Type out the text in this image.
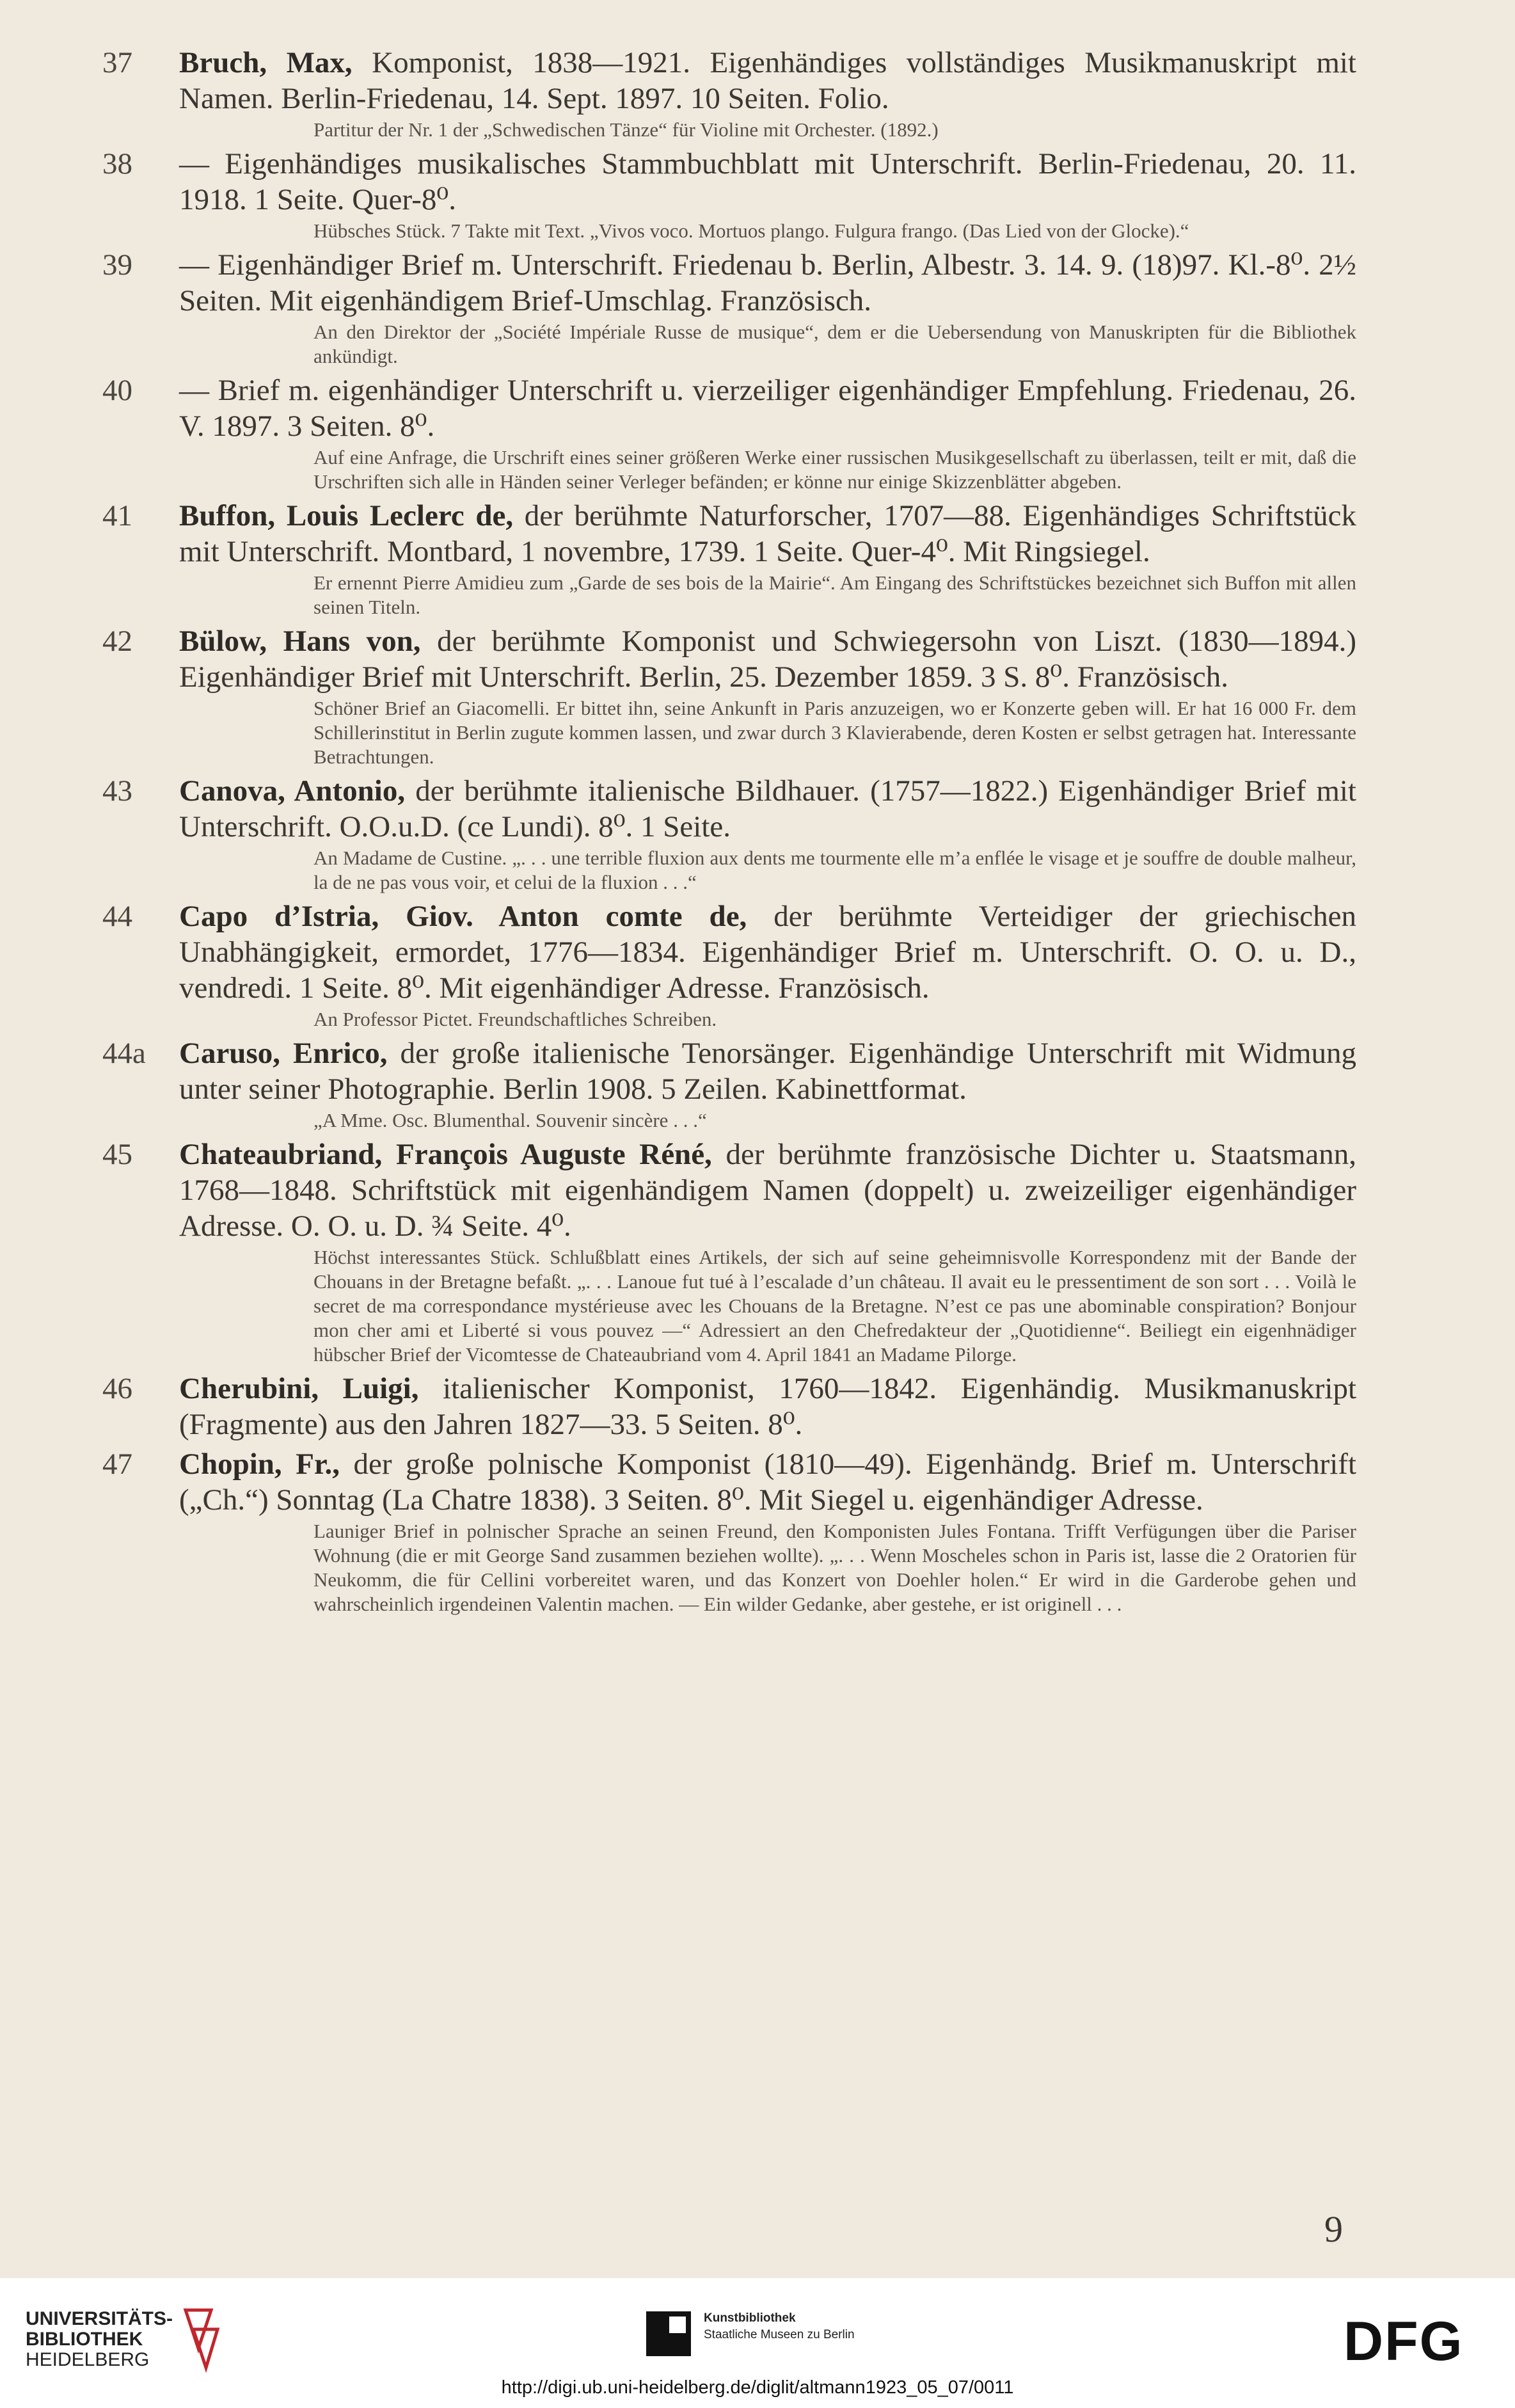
37	Bruch, Max, Komponist, 1838—1921. Eigenhändiges vollständiges Musikmanuskript mit Namen. Berlin-Friedenau, 14. Sept. 1897. 10 Seiten. Folio.
Partitur der Nr. 1 der „Schwedischen Tänze“ für Violine mit Orchester. (1892.)
38	— Eigenhändiges musikalisches Stammbuchblatt mit Unterschrift. Berlin-Friedenau, 20. 11. 1918. 1 Seite. Quer-8⁰.
Hübsches Stück. 7 Takte mit Text. „Vivos voco. Mortuos plango. Fulgura frango. (Das Lied von der Glocke).“
39	— Eigenhändiger Brief m. Unterschrift. Friedenau b. Berlin, Albestr. 3. 14. 9. (18)97. Kl.-8⁰. 2½ Seiten. Mit eigenhändigem Brief-Umschlag. Französisch.
An den Direktor der „Société Impériale Russe de musique“, dem er die Uebersendung von Manuskripten für die Bibliothek ankündigt.
40	— Brief m. eigenhändiger Unterschrift u. vierzeiliger eigenhändiger Empfehlung. Friedenau, 26. V. 1897. 3 Seiten. 8⁰.
Auf eine Anfrage, die Urschrift eines seiner größeren Werke einer russischen Musikgesellschaft zu überlassen, teilt er mit, daß die Urschriften sich alle in Händen seiner Verleger befänden; er könne nur einige Skizzenblätter abgeben.
41	Buffon, Louis Leclerc de, der berühmte Naturforscher, 1707—88. Eigenhändiges Schriftstück mit Unterschrift. Montbard, 1 novembre, 1739. 1 Seite. Quer-4⁰. Mit Ringsiegel.
Er ernennt Pierre Amidieu zum „Garde de ses bois de la Mairie“. Am Eingang des Schriftstückes bezeichnet sich Buffon mit allen seinen Titeln.
42	Bülow, Hans von, der berühmte Komponist und Schwiegersohn von Liszt. (1830—1894.) Eigenhändiger Brief mit Unterschrift. Berlin, 25. Dezember 1859. 3 S. 8⁰. Französisch.
Schöner Brief an Giacomelli. Er bittet ihn, seine Ankunft in Paris anzuzeigen, wo er Konzerte geben will. Er hat 16 000 Fr. dem Schillerinstitut in Berlin zugute kommen lassen, und zwar durch 3 Klavierabende, deren Kosten er selbst getragen hat. Interessante Betrachtungen.
43	Canova, Antonio, der berühmte italienische Bildhauer. (1757—1822.) Eigenhändiger Brief mit Unterschrift. O.O.u.D. (ce Lundi). 8⁰. 1 Seite.
An Madame de Custine. „. . . une terrible fluxion aux dents me tourmente elle m’a enflée le visage et je souffre de double malheur, la de ne pas vous voir, et celui de la fluxion . . .“
44	Capo d’Istria, Giov. Anton comte de, der berühmte Verteidiger der griechischen Unabhängigkeit, ermordet, 1776—1834. Eigenhändiger Brief m. Unterschrift. O. O. u. D., vendredi. 1 Seite. 8⁰. Mit eigenhändiger Adresse. Französisch.
An Professor Pictet. Freundschaftliches Schreiben.
44a	Caruso, Enrico, der große italienische Tenorsänger. Eigenhändige Unterschrift mit Widmung unter seiner Photographie. Berlin 1908. 5 Zeilen. Kabinettformat.
„A Mme. Osc. Blumenthal. Souvenir sincère . . .“
45	Chateaubriand, François Auguste Réné, der berühmte französische Dichter u. Staatsmann, 1768—1848. Schriftstück mit eigenhändigem Namen (doppelt) u. zweizeiliger eigenhändiger Adresse. O. O. u. D. ¾ Seite. 4⁰.
Höchst interessantes Stück. Schlußblatt eines Artikels, der sich auf seine geheimnisvolle Korrespondenz mit der Bande der Chouans in der Bretagne befaßt. „. . . Lanoue fut tué à l’escalade d’un château. Il avait eu le pressentiment de son sort . . . Voilà le secret de ma correspondance mystérieuse avec les Chouans de la Bretagne. N’est ce pas une abominable conspiration? Bonjour mon cher ami et Liberté si vous pouvez —“ Adressiert an den Chefredakteur der „Quotidienne“. Beiliegt ein eigenhnädiger hübscher Brief der Vicomtesse de Chateaubriand vom 4. April 1841 an Madame Pilorge.
46	Cherubini, Luigi, italienischer Komponist, 1760—1842. Eigenhändig. Musikmanuskript (Fragmente) aus den Jahren 1827—33. 5 Seiten. 8⁰.
47	Chopin, Fr., der große polnische Komponist (1810—49). Eigenhändg. Brief m. Unterschrift („Ch.“) Sonntag (La Chatre 1838). 3 Seiten. 8⁰. Mit Siegel u. eigenhändiger Adresse.
Launiger Brief in polnischer Sprache an seinen Freund, den Komponisten Jules Fontana. Trifft Verfügungen über die Pariser Wohnung (die er mit George Sand zusammen beziehen wollte). „. . . Wenn Moscheles schon in Paris ist, lasse die 2 Oratorien für Neukomm, die für Cellini vorbereitet waren, und das Konzert von Doehler holen.“ Er wird in die Garderobe gehen und wahrscheinlich irgendeinen Valentin machen. — Ein wilder Gedanke, aber gestehe, er ist originell . . .
9
UNIVERSITÄTS-
BIBLIOTHEK
HEIDELBERG
Kunstbibliothek
Staatliche Museen zu Berlin	DFG
http://digi.ub.uni-heidelberg.de/diglit/altmann1923_05_07/0011
